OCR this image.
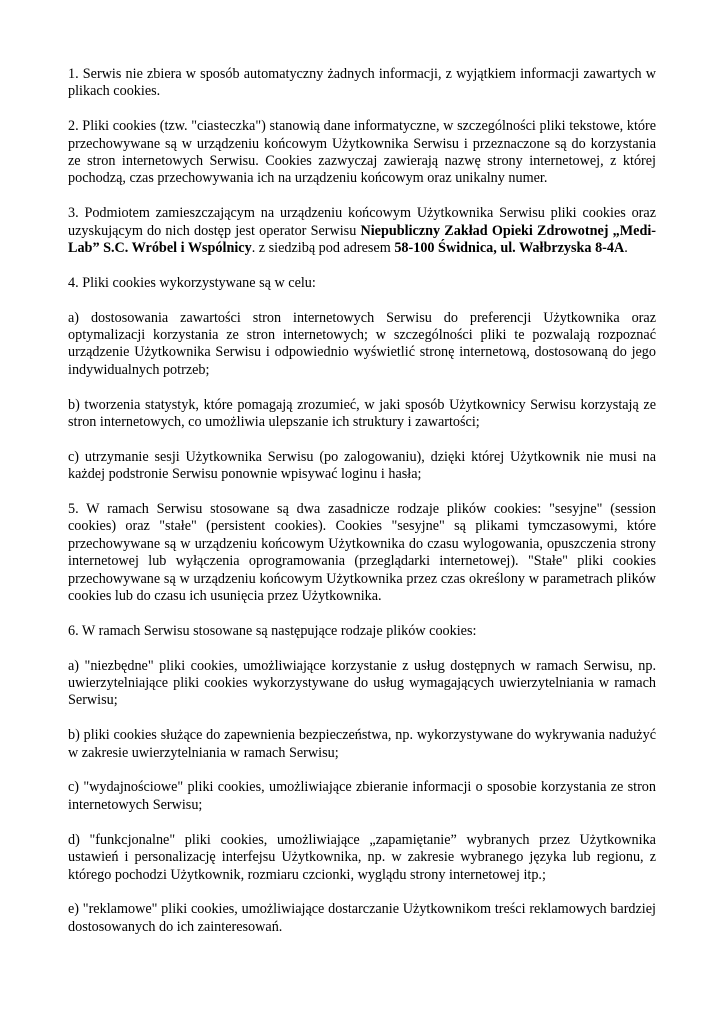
1. Serwis nie zbiera w sposób automatyczny żadnych informacji, z wyjątkiem informacji zawartych w plikach cookies.

2. Pliki cookies (tzw. "ciasteczka") stanowią dane informatyczne, w szczególności pliki tekstowe, które przechowywane są w urządzeniu końcowym Użytkownika Serwisu i przeznaczone są do korzystania ze stron internetowych Serwisu. Cookies zazwyczaj zawierają nazwę strony internetowej, z której pochodzą, czas przechowywania ich na urządzeniu końcowym oraz unikalny numer.

3. Podmiotem zamieszczającym na urządzeniu końcowym Użytkownika Serwisu pliki cookies oraz uzyskującym do nich dostęp jest operator Serwisu Niepubliczny Zakład Opieki Zdrowotnej „Medi-Lab” S.C. Wróbel i Wspólnicy. z siedzibą pod adresem 58-100 Świdnica, ul. Wałbrzyska 8-4A.

4. Pliki cookies wykorzystywane są w celu:

a) dostosowania zawartości stron internetowych Serwisu do preferencji Użytkownika oraz optymalizacji korzystania ze stron internetowych; w szczególności pliki te pozwalają rozpoznać urządzenie Użytkownika Serwisu i odpowiednio wyświetlić stronę internetową, dostosowaną do jego indywidualnych potrzeb;

b) tworzenia statystyk, które pomagają zrozumieć, w jaki sposób Użytkownicy Serwisu korzystają ze stron internetowych, co umożliwia ulepszanie ich struktury i zawartości;

c) utrzymanie sesji Użytkownika Serwisu (po zalogowaniu), dzięki której Użytkownik nie musi na każdej podstronie Serwisu ponownie wpisywać loginu i hasła;

5. W ramach Serwisu stosowane są dwa zasadnicze rodzaje plików cookies: "sesyjne" (session cookies) oraz "stałe" (persistent cookies). Cookies "sesyjne" są plikami tymczasowymi, które przechowywane są w urządzeniu końcowym Użytkownika do czasu wylogowania, opuszczenia strony internetowej lub wyłączenia oprogramowania (przeglądarki internetowej). "Stałe" pliki cookies przechowywane są w urządzeniu końcowym Użytkownika przez czas określony w parametrach plików cookies lub do czasu ich usunięcia przez Użytkownika.

6. W ramach Serwisu stosowane są następujące rodzaje plików cookies:

a) "niezbędne" pliki cookies, umożliwiające korzystanie z usług dostępnych w ramach Serwisu, np. uwierzytelniające pliki cookies wykorzystywane do usług wymagających uwierzytelniania w ramach Serwisu;

b) pliki cookies służące do zapewnienia bezpieczeństwa, np. wykorzystywane do wykrywania nadużyć w zakresie uwierzytelniania w ramach Serwisu;

c) "wydajnościowe" pliki cookies, umożliwiające zbieranie informacji o sposobie korzystania ze stron internetowych Serwisu;

d) "funkcjonalne" pliki cookies, umożliwiające „zapamiętanie” wybranych przez Użytkownika ustawień i personalizację interfejsu Użytkownika, np. w zakresie wybranego języka lub regionu, z którego pochodzi Użytkownik, rozmiaru czcionki, wyglądu strony internetowej itp.;

e) "reklamowe" pliki cookies, umożliwiające dostarczanie Użytkownikom treści reklamowych bardziej dostosowanych do ich zainteresowań.
